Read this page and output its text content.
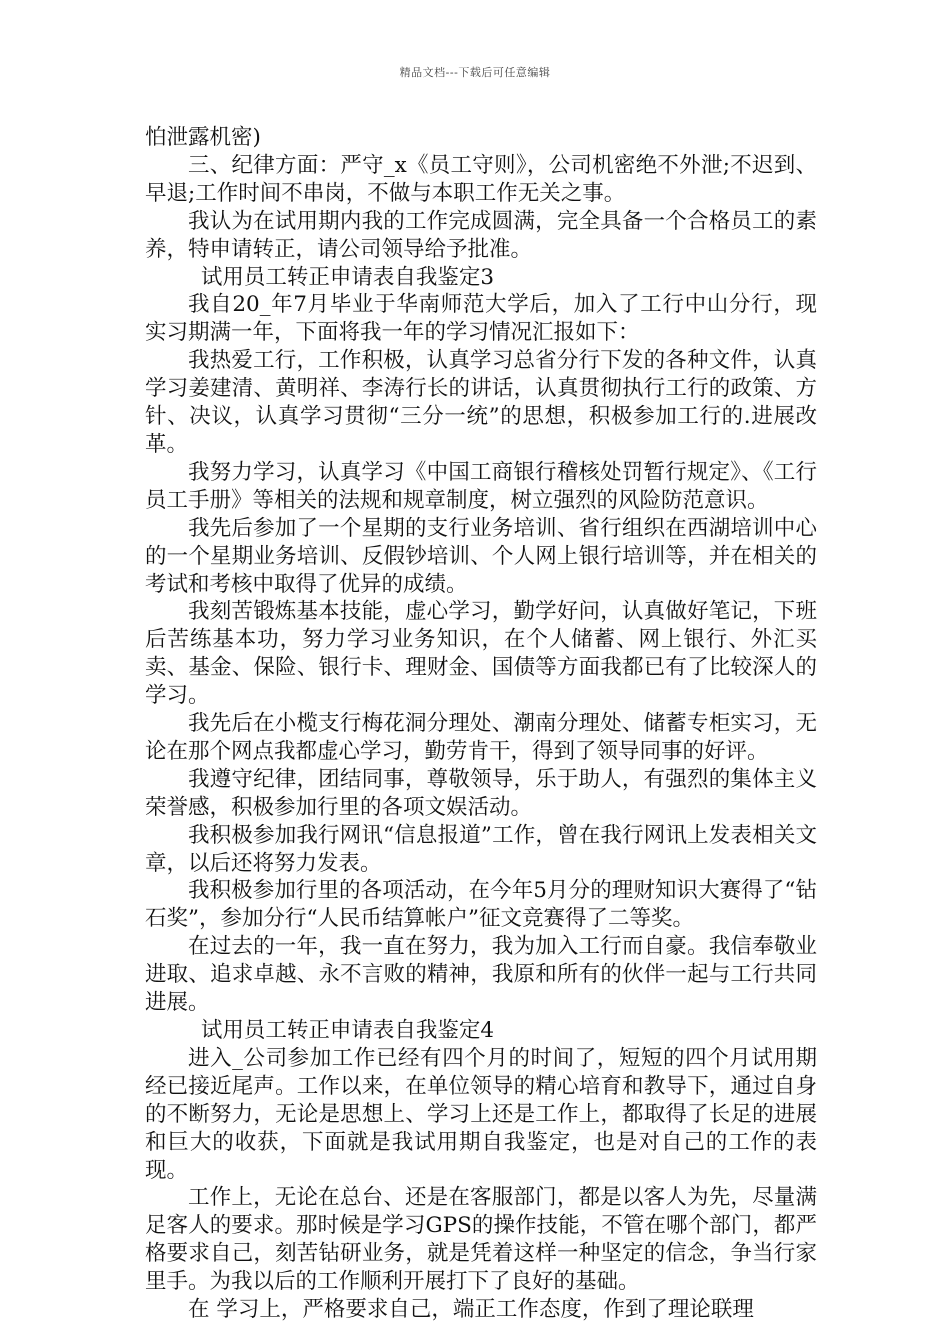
精品文档---下载后可任意编辑

怕泄露机密)

三、纪律方面：严守_x《员工守则》，公司机密绝不外泄;不迟到、早退;工作时间不串岗，不做与本职工作无关之事。

我认为在试用期内我的工作完成圆满，完全具备一个合格员工的素养，特申请转正，请公司领导给予批准。

试用员工转正申请表自我鉴定3

我自20_年7月毕业于华南师范大学后，加入了工行中山分行，现实习期满一年，下面将我一年的学习情况汇报如下：

我热爱工行，工作积极，认真学习总省分行下发的各种文件，认真学习姜建清、黄明祥、李涛行长的讲话，认真贯彻执行工行的政策、方针、决议，认真学习贯彻“三分一统”的思想，积极参加工行的.进展改革。

我努力学习，认真学习《中国工商银行稽核处罚暂行规定》、《工行员工手册》等相关的法规和规章制度，树立强烈的风险防范意识。

我先后参加了一个星期的支行业务培训、省行组织在西湖培训中心的一个星期业务培训、反假钞培训、个人网上银行培训等，并在相关的考试和考核中取得了优异的成绩。

我刻苦锻炼基本技能，虚心学习，勤学好问，认真做好笔记，下班后苦练基本功，努力学习业务知识，在个人储蓄、网上银行、外汇买卖、基金、保险、银行卡、理财金、国债等方面我都已有了比较深人的学习。

我先后在小榄支行梅花洞分理处、潮南分理处、储蓄专柜实习，无论在那个网点我都虚心学习，勤劳肯干，得到了领导同事的好评。

我遵守纪律，团结同事，尊敬领导，乐于助人，有强烈的集体主义荣誉感，积极参加行里的各项文娱活动。

我积极参加我行网讯“信息报道”工作，曾在我行网讯上发表相关文章，以后还将努力发表。

我积极参加行里的各项活动，在今年5月分的理财知识大赛得了“钻石奖”，参加分行“人民币结算帐户”征文竞赛得了二等奖。

在过去的一年，我一直在努力，我为加入工行而自豪。我信奉敬业进取、追求卓越、永不言败的精神，我原和所有的伙伴一起与工行共同进展。

试用员工转正申请表自我鉴定4

进入_公司参加工作已经有四个月的时间了，短短的四个月试用期经已接近尾声。工作以来，在单位领导的精心培育和教导下，通过自身的不断努力，无论是思想上、学习上还是工作上，都取得了长足的进展和巨大的收获，下面就是我试用期自我鉴定，也是对自己的工作的表现。

工作上，无论在总台、还是在客服部门，都是以客人为先，尽量满足客人的要求。那时候是学习GPS的操作技能，不管在哪个部门，都严格要求自己，刻苦钻研业务，就是凭着这样一种坚定的信念，争当行家里手。为我以后的工作顺利开展打下了良好的基础。

在 学习上，严格要求自己，端正工作态度，作到了理论联理
